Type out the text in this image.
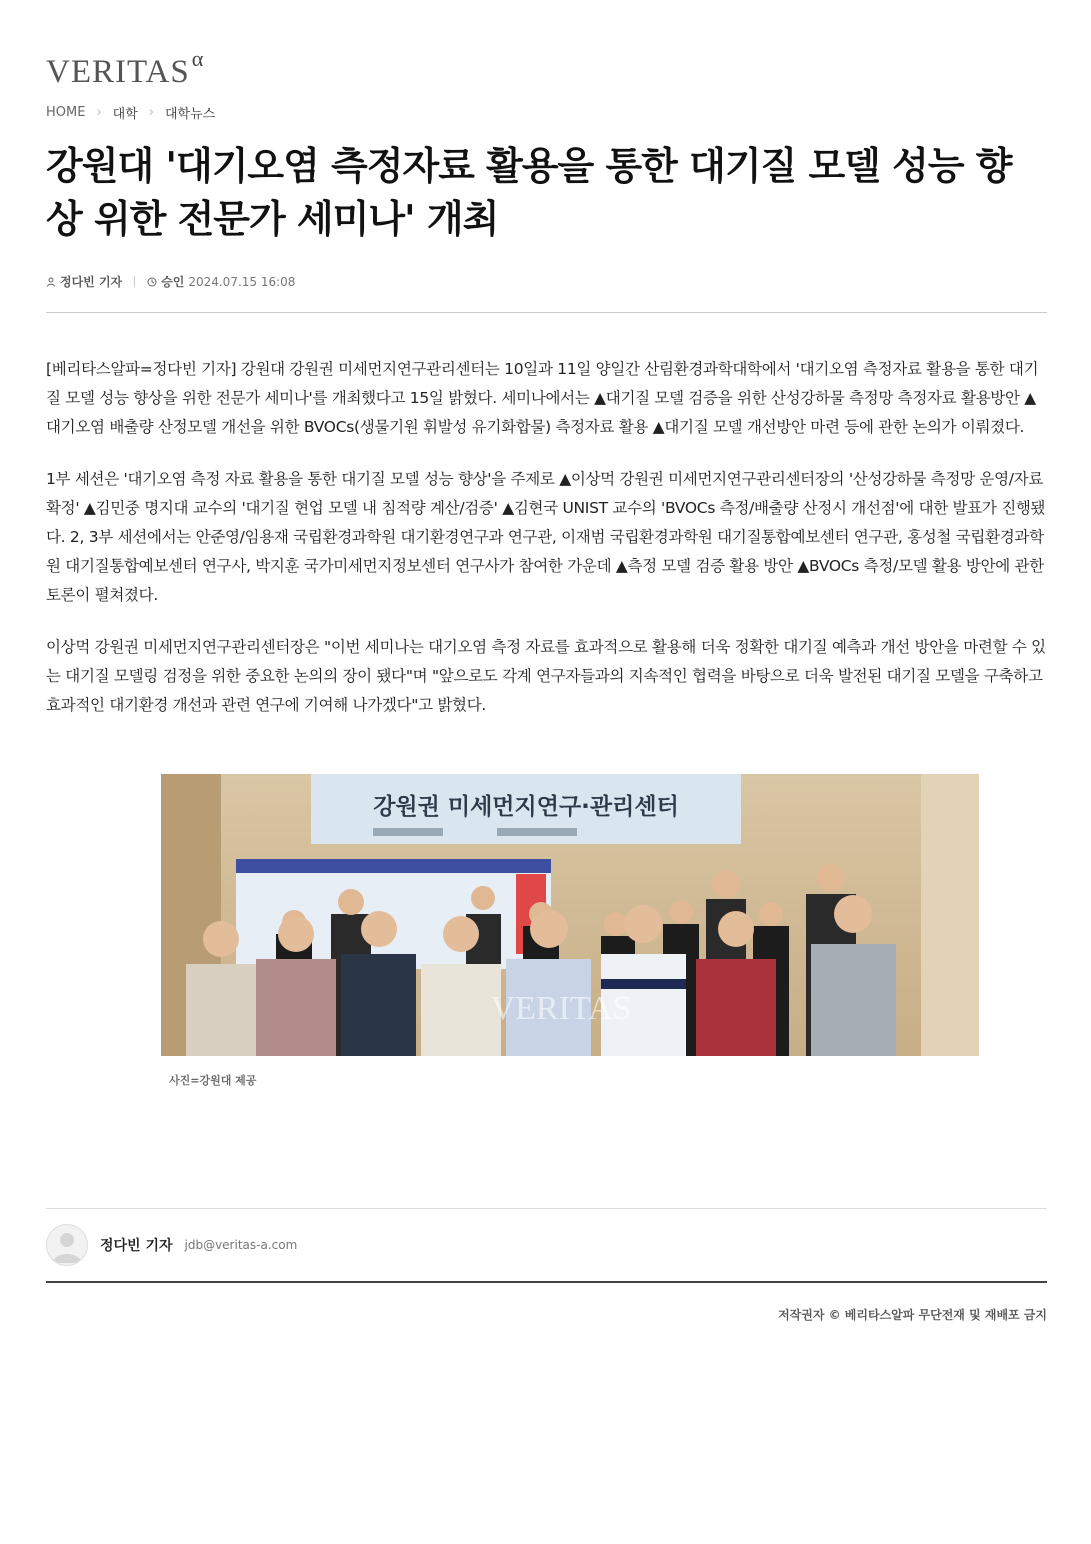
$VERITAS^\alpha$
HOME › 대학 › 대학뉴스
강원대 '대기오염 측정자료 활용을 통한 대기질 모델 성능 향상 위한 전문가 세미나' 개최
정다빈 기자	승인 2024.07.15 16:08

[베리타스알파=정다빈 기자] 강원대 강원권 미세먼지연구관리센터는 10일과 11일 양일간 산림환경과학대학에서 '대기오염 측정자료 활용을 통한 대기질 모델 성능 향상을 위한 전문가 세미나'를 개최했다고 15일 밝혔다. 세미나에서는 ▲대기질 모델 검증을 위한 산성강하물 측정망 측정자료 활용방안 ▲대기오염 배출량 산정모델 개선을 위한 BVOCs(생물기원 휘발성 유기화합물) 측정자료 활용 ▲대기질 모델 개선방안 마련 등에 관한 논의가 이뤄졌다.

1부 세션은 '대기오염 측정 자료 활용을 통한 대기질 모델 성능 향상'을 주제로 ▲이상먹 강원권 미세먼지연구관리센터장의 '산성강하물 측정망 운영/자료 확정' ▲김민중 명지대 교수의 '대기질 현업 모델 내 침적량 계산/검증' ▲김현국 UNIST 교수의 'BVOCs 측정/배출량 산정시 개선점'에 대한 발표가 진행됐다. 2, 3부 세션에서는 안준영/임용재 국립환경과학원 대기환경연구과 연구관, 이재범 국립환경과학원 대기질통합예보센터 연구관, 홍성철 국립환경과학원 대기질통합예보센터 연구사, 박지훈 국가미세먼지정보센터 연구사가 참여한 가운데 ▲측정 모델 검증 활용 방안 ▲BVOCs 측정/모델 활용 방안에 관한 토론이 펼쳐졌다.

이상먹 강원권 미세먼지연구관리센터장은 "이번 세미나는 대기오염 측정 자료를 효과적으로 활용해 더욱 정확한 대기질 예측과 개선 방안을 마련할 수 있는 대기질 모델링 검정을 위한 중요한 논의의 장이 됐다"며 "앞으로도 각계 연구자들과의 지속적인 협력을 바탕으로 더욱 발전된 대기질 모델을 구축하고 효과적인 대기환경 개선과 관련 연구에 기여해 나가겠다"고 밝혔다.

강원권 미세먼지연구·관리센터
VERITAS
사진=강원대 제공
정다빈 기자 jdb@veritas-a.com
저작권자 © 베리타스알파 무단전재 및 재배포 금지
